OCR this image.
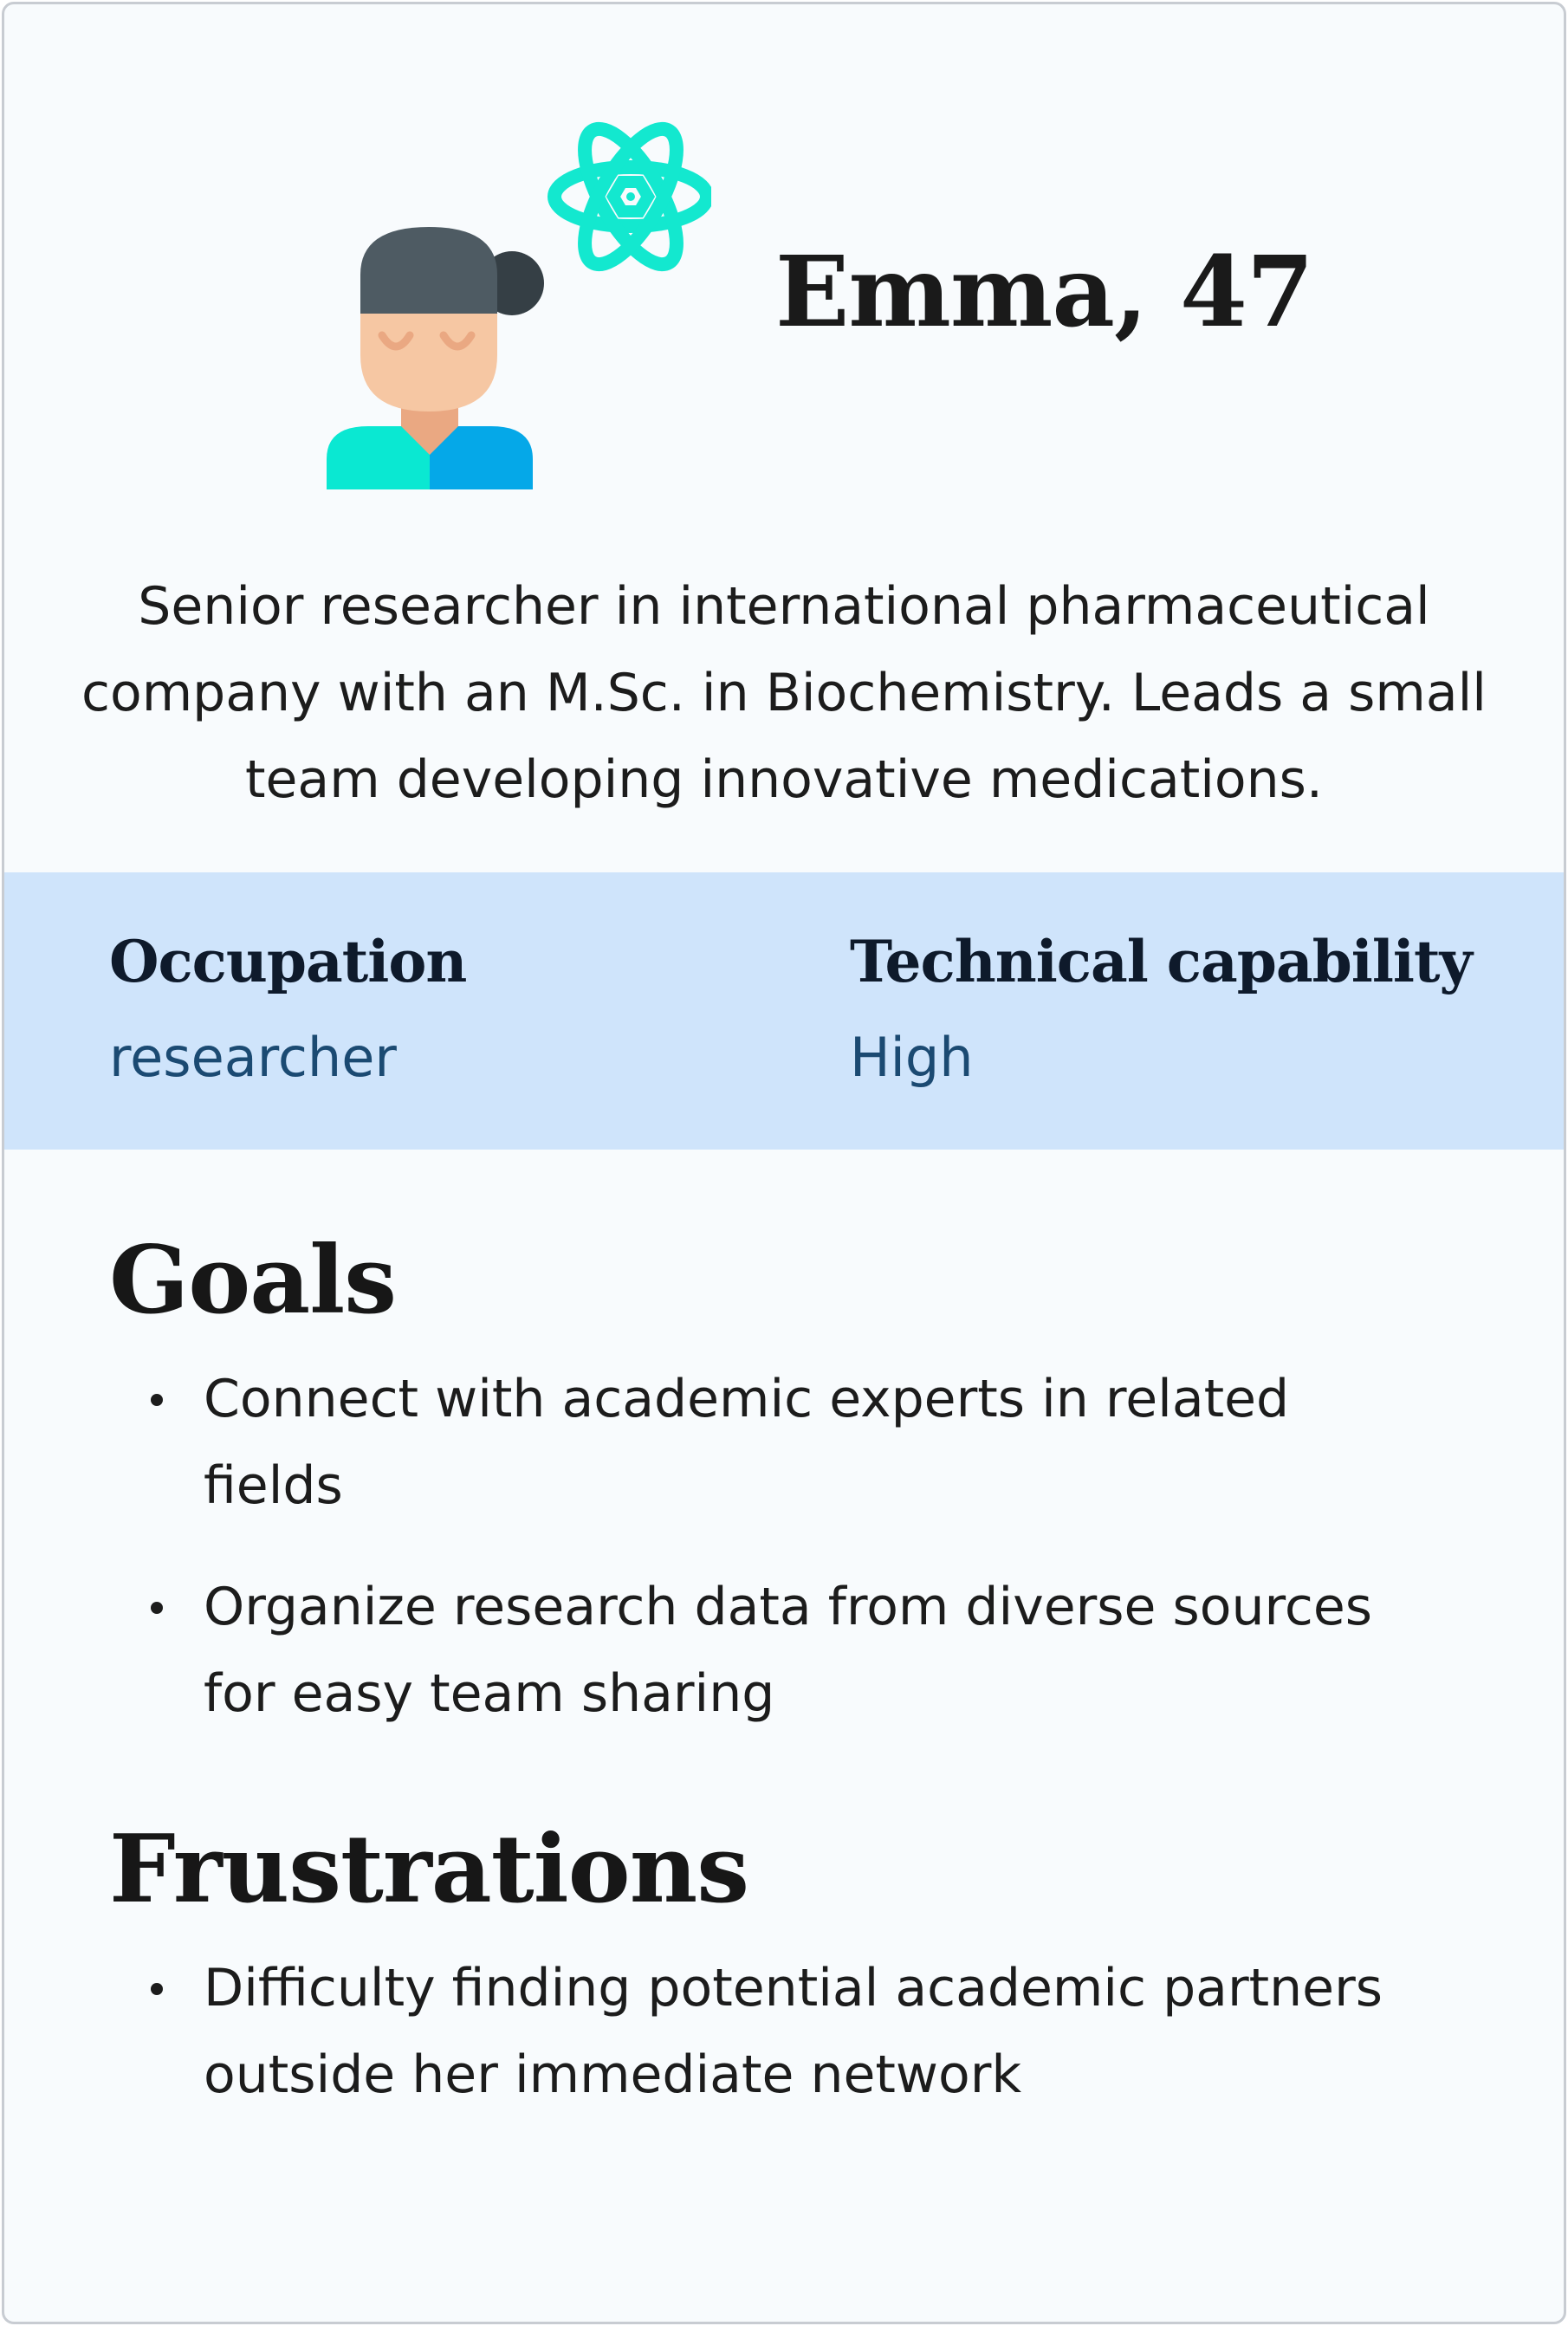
Emma, 47

Senior researcher in international pharmaceutical company with an M.Sc. in Biochemistry. Leads a small team developing innovative medications.

Occupation
researcher
Technical capability
High
Goals
Connect with academic experts in related fields
Organize research data from diverse sources for easy team sharing
Frustrations
Difficulty finding potential academic partners outside her immediate network
